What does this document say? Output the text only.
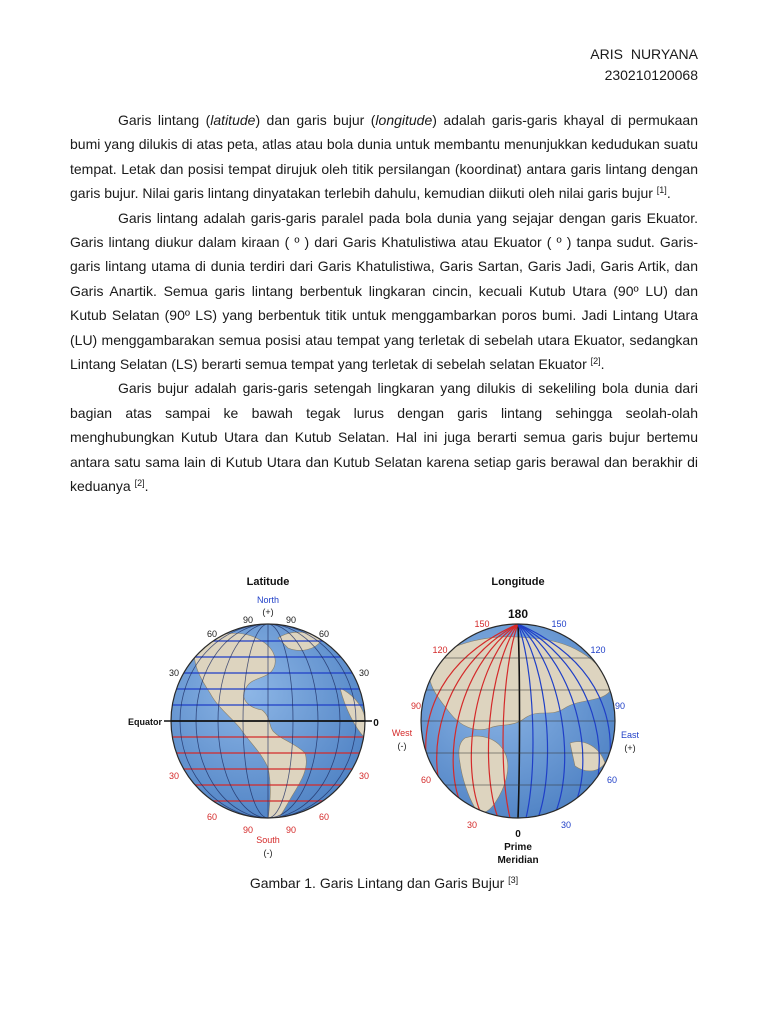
ARIS NURYANA
230210120068

Garis lintang (latitude) dan garis bujur (longitude) adalah garis-garis khayal di permukaan bumi yang dilukis di atas peta, atlas atau bola dunia untuk membantu menunjukkan kedudukan suatu tempat. Letak dan posisi tempat dirujuk oleh titik persilangan (koordinat) antara garis lintang dengan garis bujur. Nilai garis lintang dinyatakan terlebih dahulu, kemudian diikuti oleh nilai garis bujur [1].

Garis lintang adalah garis-garis paralel pada bola dunia yang sejajar dengan garis Ekuator. Garis lintang diukur dalam kiraan ( º ) dari Garis Khatulistiwa atau Ekuator ( º ) tanpa sudut. Garis-garis lintang utama di dunia terdiri dari Garis Khatulistiwa, Garis Sartan, Garis Jadi, Garis Artik, dan Garis Anartik. Semua garis lintang berbentuk lingkaran cincin, kecuali Kutub Utara (90º LU) dan Kutub Selatan (90º LS) yang berbentuk titik untuk menggambarkan poros bumi. Jadi Lintang Utara (LU) menggambarakan semua posisi atau tempat yang terletak di sebelah utara Ekuator, sedangkan Lintang Selatan (LS) berarti semua tempat yang terletak di sebelah selatan Ekuator [2].

Garis bujur adalah garis-garis setengah lingkaran yang dilukis di sekeliling bola dunia dari bagian atas sampai ke bawah tegak lurus dengan garis lintang sehingga seolah-olah menghubungkan Kutub Utara dan Kutub Selatan. Hal ini juga berarti semua garis bujur bertemu antara satu sama lain di Kutub Utara dan Kutub Selatan karena setiap garis berawal dan berakhir di keduanya [2].

Latitude
North
(+)
90	90
60	60
30	30
Equator	0
30	30
60	60
90	90
South
(-)
Longitude
180
150	150
120	120
90	90
West
(-)
East
(+)
60	60
30	30
0
Prime
Meridian
Gambar 1. Garis Lintang dan Garis Bujur [3]
